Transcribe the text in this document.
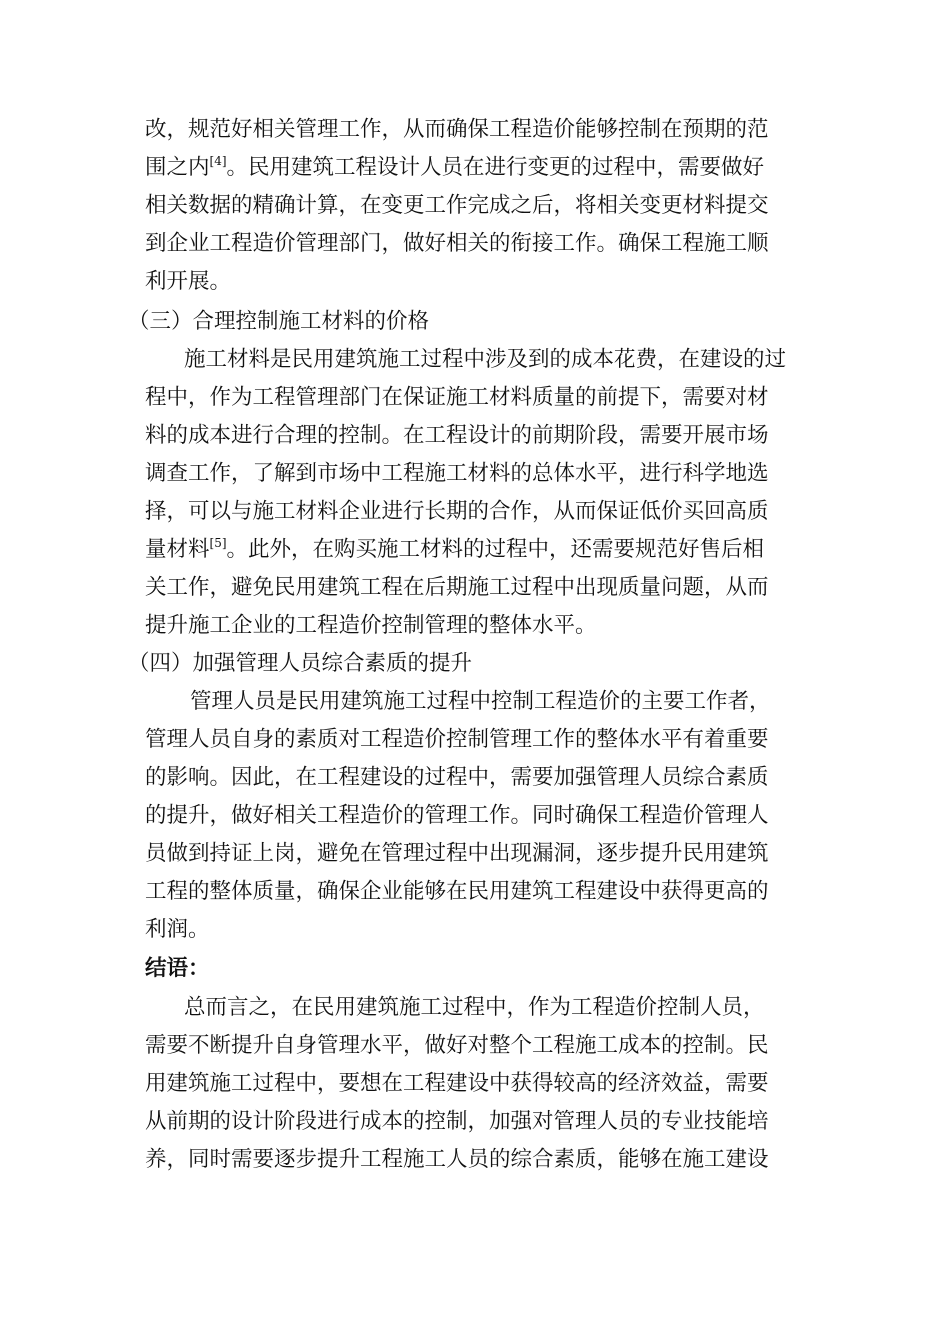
改，规范好相关管理工作，从而确保工程造价能够控制在预期的范

围之内[4]。民用建筑工程设计人员在进行变更的过程中，需要做好

相关数据的精确计算，在变更工作完成之后，将相关变更材料提交

到企业工程造价管理部门，做好相关的衔接工作。确保工程施工顺

利开展。

（三）合理控制施工材料的价格

施工材料是民用建筑施工过程中涉及到的成本花费，在建设的过

程中，作为工程管理部门在保证施工材料质量的前提下，需要对材

料的成本进行合理的控制。在工程设计的前期阶段，需要开展市场

调查工作，了解到市场中工程施工材料的总体水平，进行科学地选

择，可以与施工材料企业进行长期的合作，从而保证低价买回高质

量材料[5]。此外，在购买施工材料的过程中，还需要规范好售后相

关工作，避免民用建筑工程在后期施工过程中出现质量问题，从而

提升施工企业的工程造价控制管理的整体水平。

（四）加强管理人员综合素质的提升

管理人员是民用建筑施工过程中控制工程造价的主要工作者，

管理人员自身的素质对工程造价控制管理工作的整体水平有着重要

的影响。因此，在工程建设的过程中，需要加强管理人员综合素质

的提升，做好相关工程造价的管理工作。同时确保工程造价管理人

员做到持证上岗，避免在管理过程中出现漏洞，逐步提升民用建筑

工程的整体质量，确保企业能够在民用建筑工程建设中获得更高的

利润。

结语：

总而言之，在民用建筑施工过程中，作为工程造价控制人员，

需要不断提升自身管理水平，做好对整个工程施工成本的控制。民

用建筑施工过程中，要想在工程建设中获得较高的经济效益，需要

从前期的设计阶段进行成本的控制，加强对管理人员的专业技能培

养，同时需要逐步提升工程施工人员的综合素质，能够在施工建设
